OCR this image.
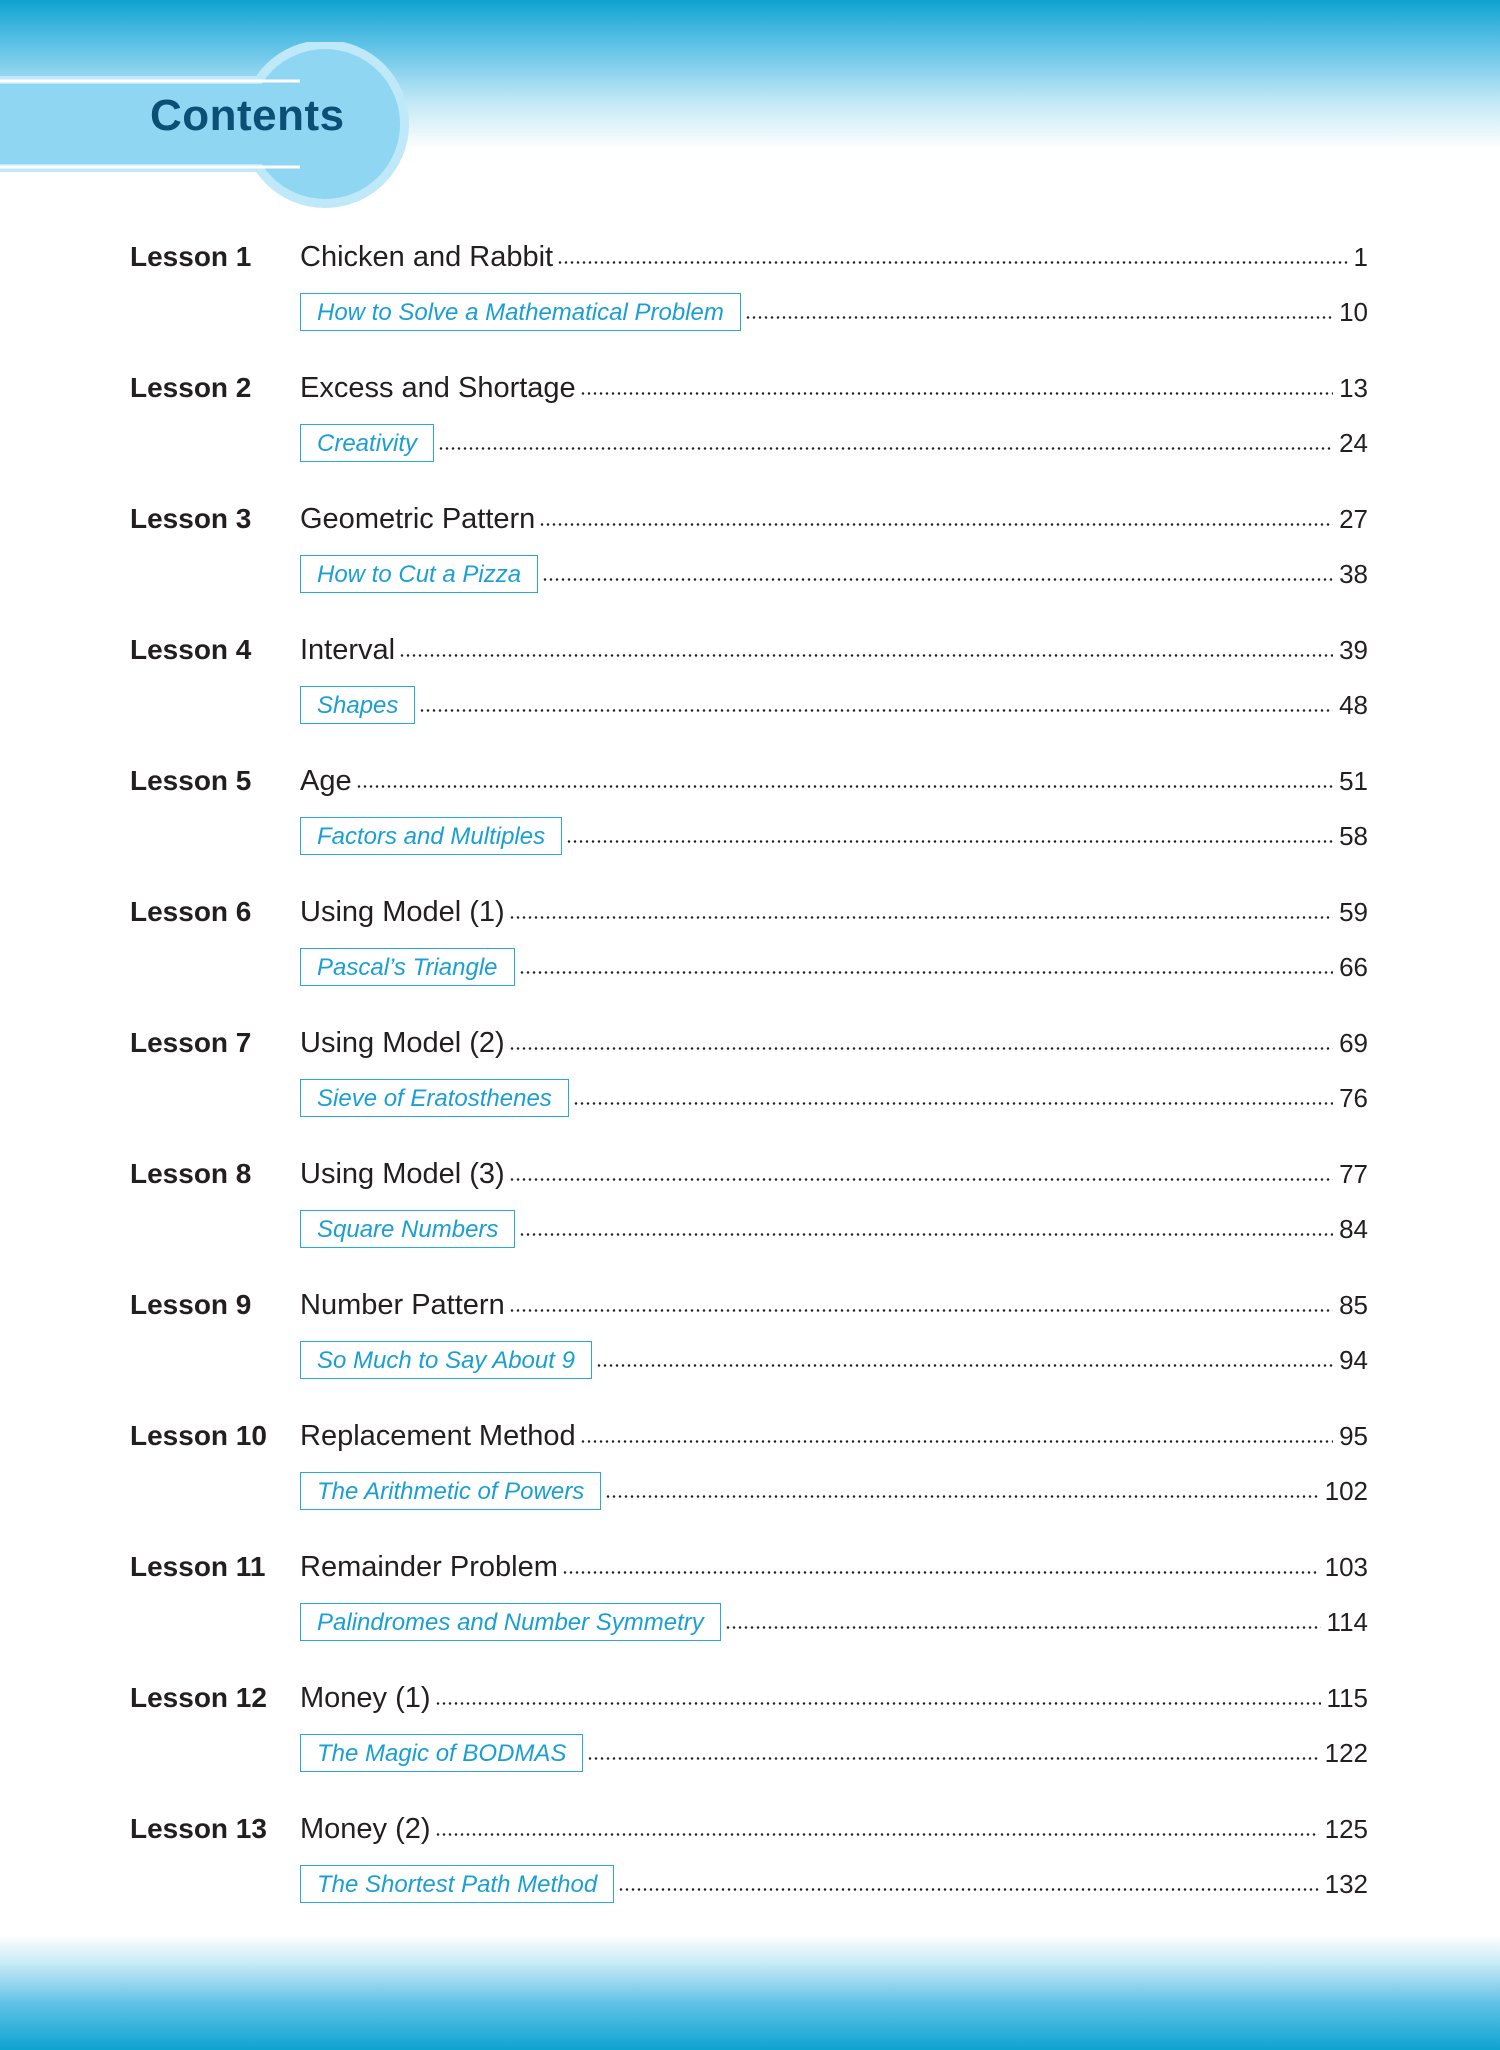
Contents
Lesson 1 Chicken and Rabbit	1
How to Solve a Mathematical Problem	10
Lesson 2 Excess and Shortage	13
Creativity	24
Lesson 3 Geometric Pattern	27
How to Cut a Pizza	38
Lesson 4 Interval	39
Shapes	48
Lesson 5 Age	51
Factors and Multiples	58
Lesson 6 Using Model (1)	59
Pascal’s Triangle	66
Lesson 7 Using Model (2)	69
Sieve of Eratosthenes	76
Lesson 8 Using Model (3)	77
Square Numbers	84
Lesson 9 Number Pattern	85
So Much to Say About 9	94
Lesson 10 Replacement Method	95
The Arithmetic of Powers	102
Lesson 11 Remainder Problem	103
Palindromes and Number Symmetry	114
Lesson 12 Money (1)	115
The Magic of BODMAS	122
Lesson 13 Money (2)	125
The Shortest Path Method	132
